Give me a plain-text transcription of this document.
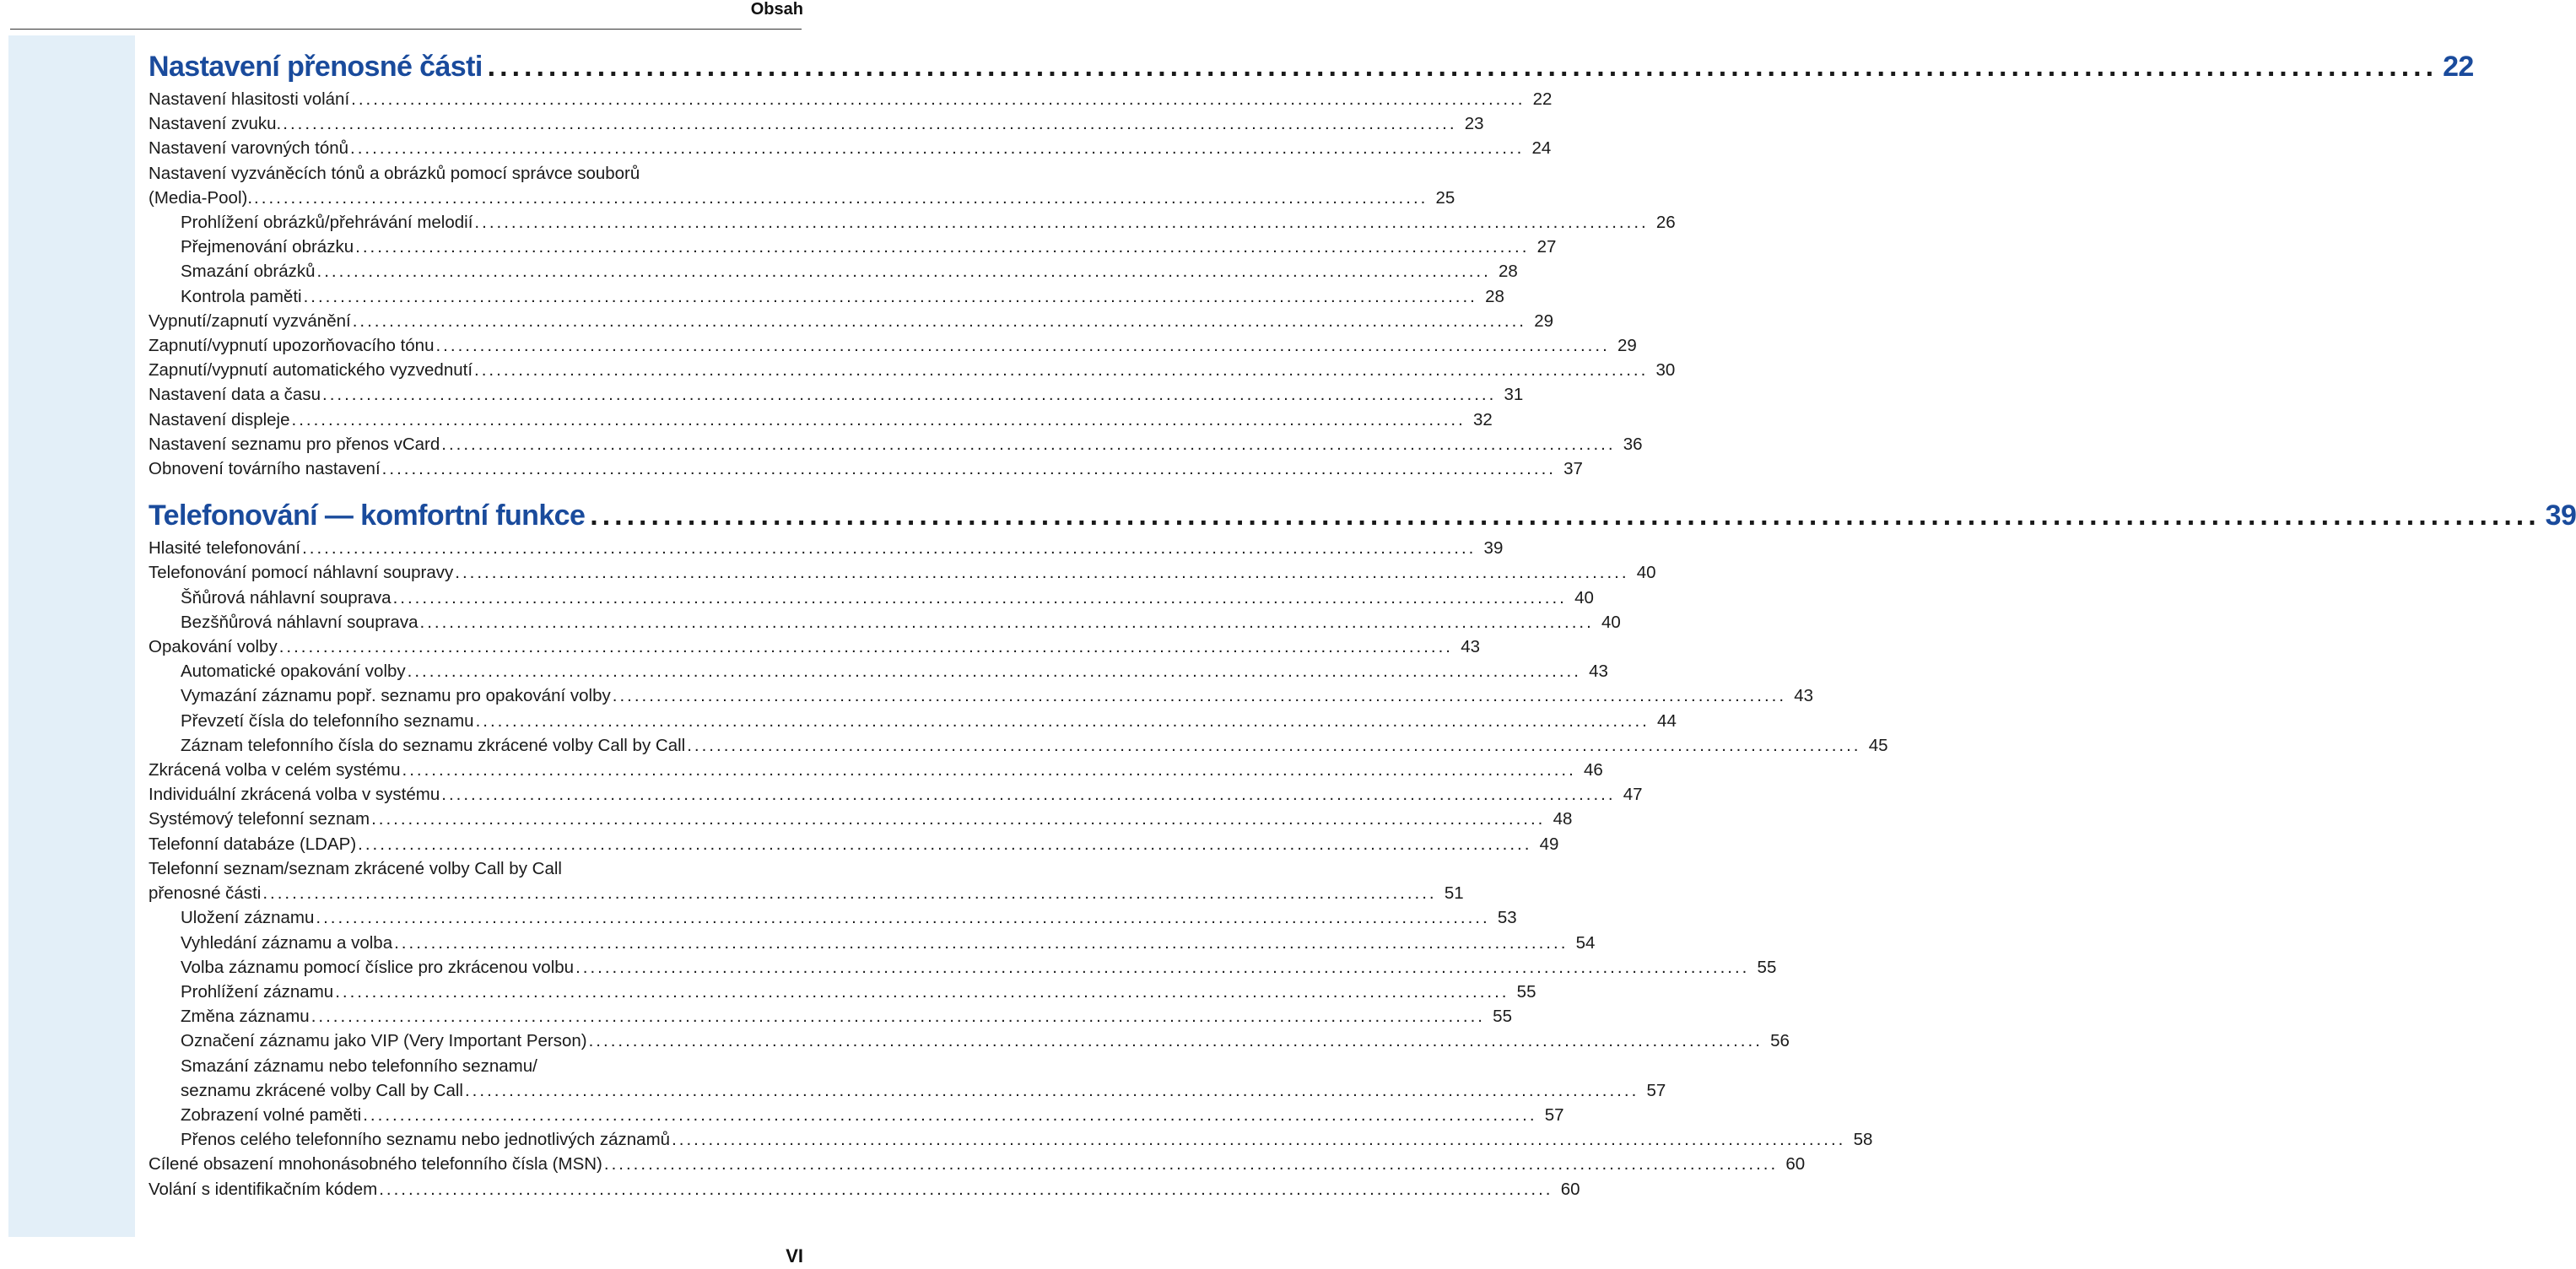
Obsah
Nastavení přenosné části ................................................................................................................................................................ 22
Nastavení hlasitosti volání ................................................................................................................................................................ 22
Nastavení zvuku. ................................................................................................................................................................ 23
Nastavení varovných tónů ................................................................................................................................................................ 24
Nastavení vyzváněcích tónů a obrázků pomocí správce souborů
(Media-Pool). ................................................................................................................................................................ 25
Prohlížení obrázků/přehrávání melodií ................................................................................................................................................................ 26
Přejmenování obrázku ................................................................................................................................................................ 27
Smazání obrázků ................................................................................................................................................................ 28
Kontrola paměti ................................................................................................................................................................ 28
Vypnutí/zapnutí vyzvánění ................................................................................................................................................................ 29
Zapnutí/vypnutí upozorňovacího tónu ................................................................................................................................................................ 29
Zapnutí/vypnutí automatického vyzvednutí ................................................................................................................................................................ 30
Nastavení data a času ................................................................................................................................................................ 31
Nastavení displeje ................................................................................................................................................................ 32
Nastavení seznamu pro přenos vCard ................................................................................................................................................................ 36
Obnovení továrního nastavení ................................................................................................................................................................ 37
Telefonování — komfortní funkce ................................................................................................................................................................ 39
Hlasité telefonování ................................................................................................................................................................ 39
Telefonování pomocí náhlavní soupravy ................................................................................................................................................................ 40
Šňůrová náhlavní souprava ................................................................................................................................................................ 40
Bezšňůrová náhlavní souprava ................................................................................................................................................................ 40
Opakování volby ................................................................................................................................................................ 43
Automatické opakování volby ................................................................................................................................................................ 43
Vymazání záznamu popř. seznamu pro opakování volby ................................................................................................................................................................ 43
Převzetí čísla do telefonního seznamu ................................................................................................................................................................ 44
Záznam telefonního čísla do seznamu zkrácené volby Call by Call ................................................................................................................................................................ 45
Zkrácená volba v celém systému ................................................................................................................................................................ 46
Individuální zkrácená volba v systému ................................................................................................................................................................ 47
Systémový telefonní seznam ................................................................................................................................................................ 48
Telefonní databáze (LDAP) ................................................................................................................................................................ 49
Telefonní seznam/seznam zkrácené volby Call by Call
přenosné části ................................................................................................................................................................ 51
Uložení záznamu ................................................................................................................................................................ 53
Vyhledání záznamu a volba ................................................................................................................................................................ 54
Volba záznamu pomocí číslice pro zkrácenou volbu ................................................................................................................................................................ 55
Prohlížení záznamu ................................................................................................................................................................ 55
Změna záznamu ................................................................................................................................................................ 55
Označení záznamu jako VIP (Very Important Person) ................................................................................................................................................................ 56
Smazání záznamu nebo telefonního seznamu/
seznamu zkrácené volby Call by Call ................................................................................................................................................................ 57
Zobrazení volné paměti ................................................................................................................................................................ 57
Přenos celého telefonního seznamu nebo jednotlivých záznamů ................................................................................................................................................................ 58
Cílené obsazení mnohonásobného telefonního čísla (MSN) ................................................................................................................................................................ 60
Volání s identifikačním kódem ................................................................................................................................................................ 60
VI
